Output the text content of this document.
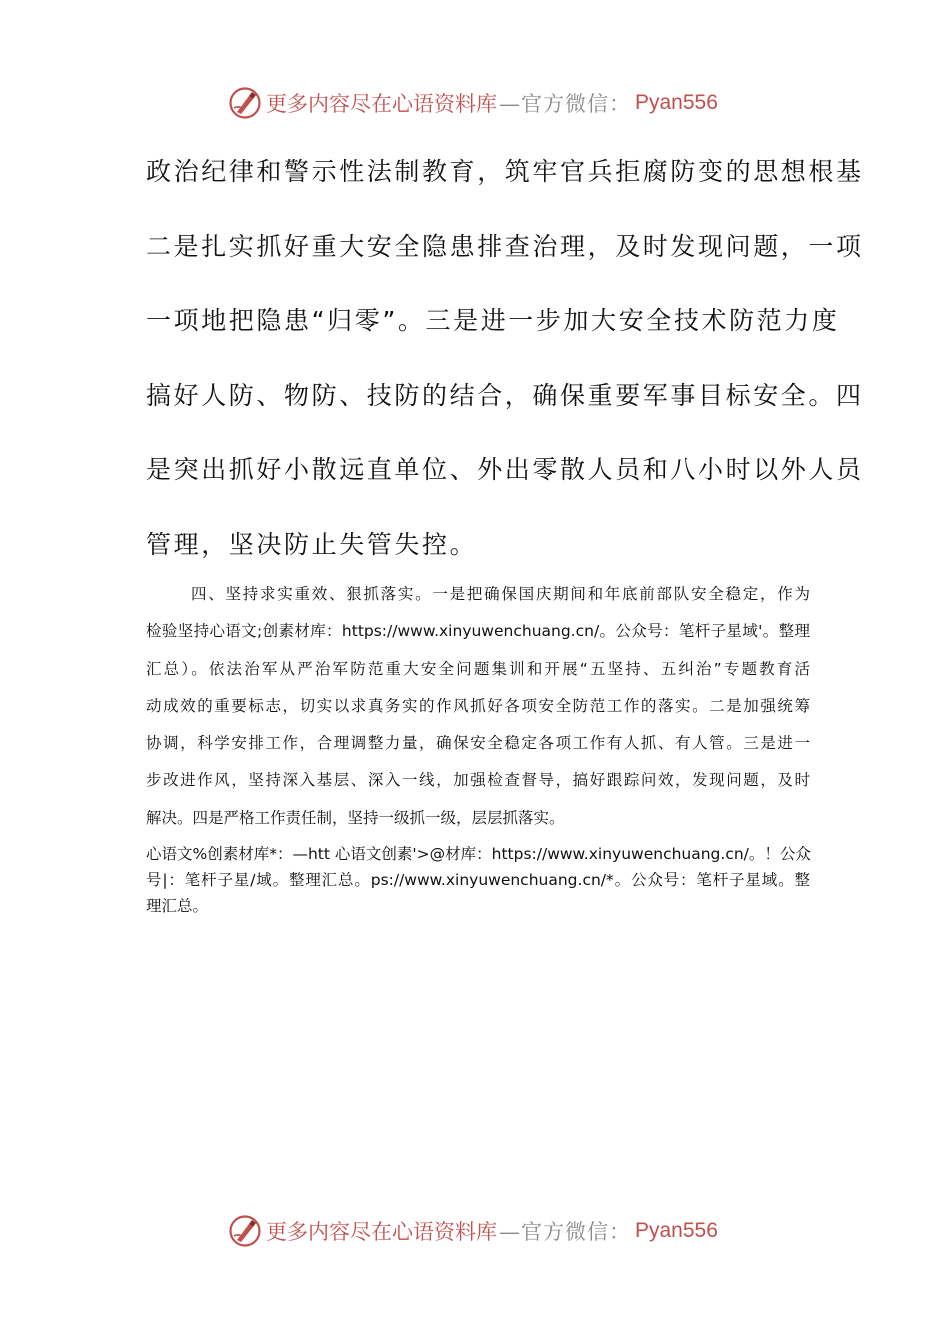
更多内容尽在心语资料库 —官方微信： Pyan556
政治纪律和警示性法制教育，筑牢官兵拒腐防变的思想根基
二是扎实抓好重大安全隐患排查治理，及时发现问题，一项
一项地把隐患“归零”。三是进一步加大安全技术防范力度
搞好人防、物防、技防的结合，确保重要军事目标安全。四
是突出抓好小散远直单位、外出零散人员和八小时以外人员
管理，坚决防止失管失控。
四、坚持求实重效、狠抓落实。一是把确保国庆期间和年底前部队安全稳定，作为
检验坚持心语文;创素材库：https://www.xinyuwenchuang.cn/。公众号：笔杆子星域'。整理
汇总）。依法治军从严治军防范重大安全问题集训和开展“五坚持、五纠治”专题教育活
动成效的重要标志，切实以求真务实的作风抓好各项安全防范工作的落实。二是加强统筹
协调，科学安排工作，合理调整力量，确保安全稳定各项工作有人抓、有人管。三是进一
步改进作风，坚持深入基层、深入一线，加强检查督导，搞好跟踪问效，发现问题，及时
解决。四是严格工作责任制，坚持一级抓一级，层层抓落实。
心语文%创素材库*：—htt 心语文创素'>@材库：https://www.xinyuwenchuang.cn/。！公众
号|：笔杆子星/域。整理汇总。ps://www.xinyuwenchuang.cn/*。公众号：笔杆子星域。整
理汇总。
更多内容尽在心语资料库 —官方微信： Pyan556
